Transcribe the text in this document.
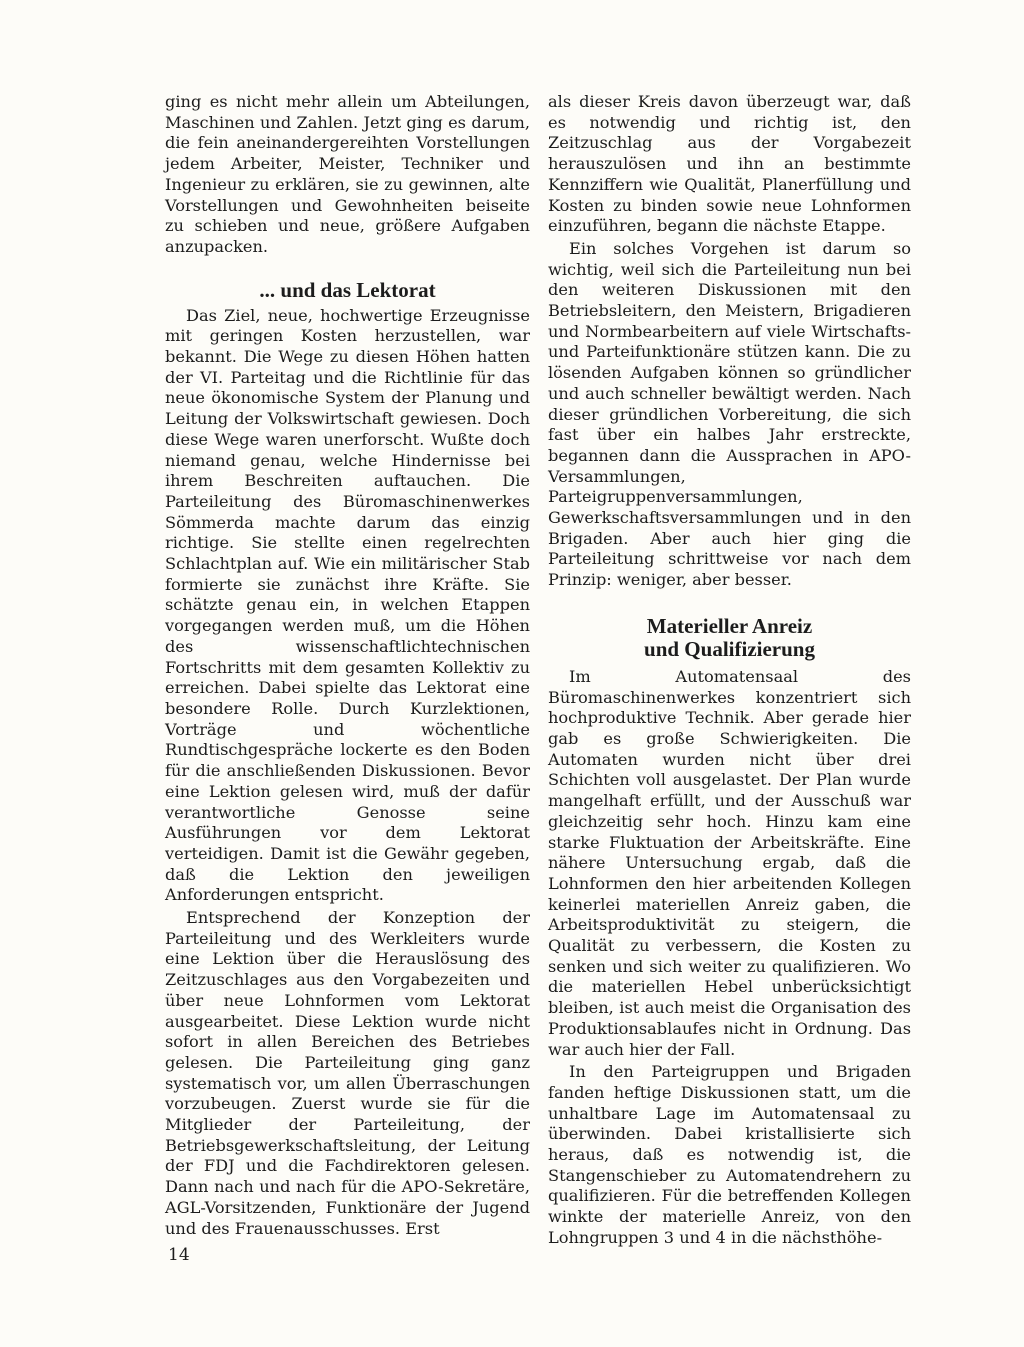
ging es nicht mehr allein um Abteilungen, Maschinen und Zahlen. Jetzt ging es darum, die fein aneinandergereihten Vorstellungen jedem Arbeiter, Meister, Techniker und Ingenieur zu erklären, sie zu gewinnen, alte Vorstellungen und Gewohnheiten beiseite zu schieben und neue, größere Aufgaben anzupacken.

... und das Lektorat

Das Ziel, neue, hochwertige Erzeugnisse mit geringen Kosten herzustellen, war bekannt. Die Wege zu diesen Höhen hatten der VI. Parteitag und die Richtlinie für das neue ökonomische System der Planung und Leitung der Volkswirtschaft gewiesen. Doch diese Wege waren unerforscht. Wußte doch niemand genau, welche Hindernisse bei ihrem Beschreiten auftauchen. Die Parteileitung des Büromaschinenwerkes Sömmerda machte darum das einzig richtige. Sie stellte einen regelrechten Schlachtplan auf. Wie ein militärischer Stab formierte sie zunächst ihre Kräfte. Sie schätzte genau ein, in welchen Etappen vorgegangen werden muß, um die Höhen des wissenschaftlichtechnischen Fortschritts mit dem gesamten Kollektiv zu erreichen. Dabei spielte das Lektorat eine besondere Rolle. Durch Kurzlektionen, Vorträge und wöchentliche Rundtischgespräche lockerte es den Boden für die anschließenden Diskussionen. Bevor eine Lektion gelesen wird, muß der dafür verantwortliche Genosse seine Ausführungen vor dem Lektorat verteidigen. Damit ist die Gewähr gegeben, daß die Lektion den jeweiligen Anforderungen entspricht.

Entsprechend der Konzeption der Parteileitung und des Werkleiters wurde eine Lektion über die Herauslösung des Zeitzuschlages aus den Vorgabezeiten und über neue Lohnformen vom Lektorat ausgearbeitet. Diese Lektion wurde nicht sofort in allen Bereichen des Betriebes gelesen. Die Parteileitung ging ganz systematisch vor, um allen Überraschungen vorzubeugen. Zuerst wurde sie für die Mitglieder der Parteileitung, der Betriebsgewerkschaftsleitung, der Leitung der FDJ und die Fachdirektoren gelesen. Dann nach und nach für die APO-Sekretäre, AGL-Vorsitzenden, Funktionäre der Jugend und des Frauenausschusses. Erst

als dieser Kreis davon überzeugt war, daß es notwendig und richtig ist, den Zeitzuschlag aus der Vorgabezeit herauszulösen und ihn an bestimmte Kennziffern wie Qualität, Planerfüllung und Kosten zu binden sowie neue Lohnformen einzuführen, begann die nächste Etappe.

Ein solches Vorgehen ist darum so wichtig, weil sich die Parteileitung nun bei den weiteren Diskussionen mit den Betriebsleitern, den Meistern, Brigadieren und Normbearbeitern auf viele Wirtschafts- und Parteifunktionäre stützen kann. Die zu lösenden Aufgaben können so gründlicher und auch schneller bewältigt werden. Nach dieser gründlichen Vorbereitung, die sich fast über ein halbes Jahr erstreckte, begannen dann die Aussprachen in APO-Versammlungen, Parteigruppenversammlungen, Gewerkschaftsversammlungen und in den Brigaden. Aber auch hier ging die Parteileitung schrittweise vor nach dem Prinzip: weniger, aber besser.

Materieller Anreiz
und Qualifizierung

Im Automatensaal des Büromaschinenwerkes konzentriert sich hochproduktive Technik. Aber gerade hier gab es große Schwierigkeiten. Die Automaten wurden nicht über drei Schichten voll ausgelastet. Der Plan wurde mangelhaft erfüllt, und der Ausschuß war gleichzeitig sehr hoch. Hinzu kam eine starke Fluktuation der Arbeitskräfte. Eine nähere Untersuchung ergab, daß die Lohnformen den hier arbeitenden Kollegen keinerlei materiellen Anreiz gaben, die Arbeitsproduktivität zu steigern, die Qualität zu verbessern, die Kosten zu senken und sich weiter zu qualifizieren. Wo die materiellen Hebel unberücksichtigt bleiben, ist auch meist die Organisation des Produktionsablaufes nicht in Ordnung. Das war auch hier der Fall.

In den Parteigruppen und Brigaden fanden heftige Diskussionen statt, um die unhaltbare Lage im Automatensaal zu überwinden. Dabei kristallisierte sich heraus, daß es notwendig ist, die Stangenschieber zu Automatendrehern zu qualifizieren. Für die betreffenden Kollegen winkte der materielle Anreiz, von den Lohngruppen 3 und 4 in die nächsthöhe-

14
